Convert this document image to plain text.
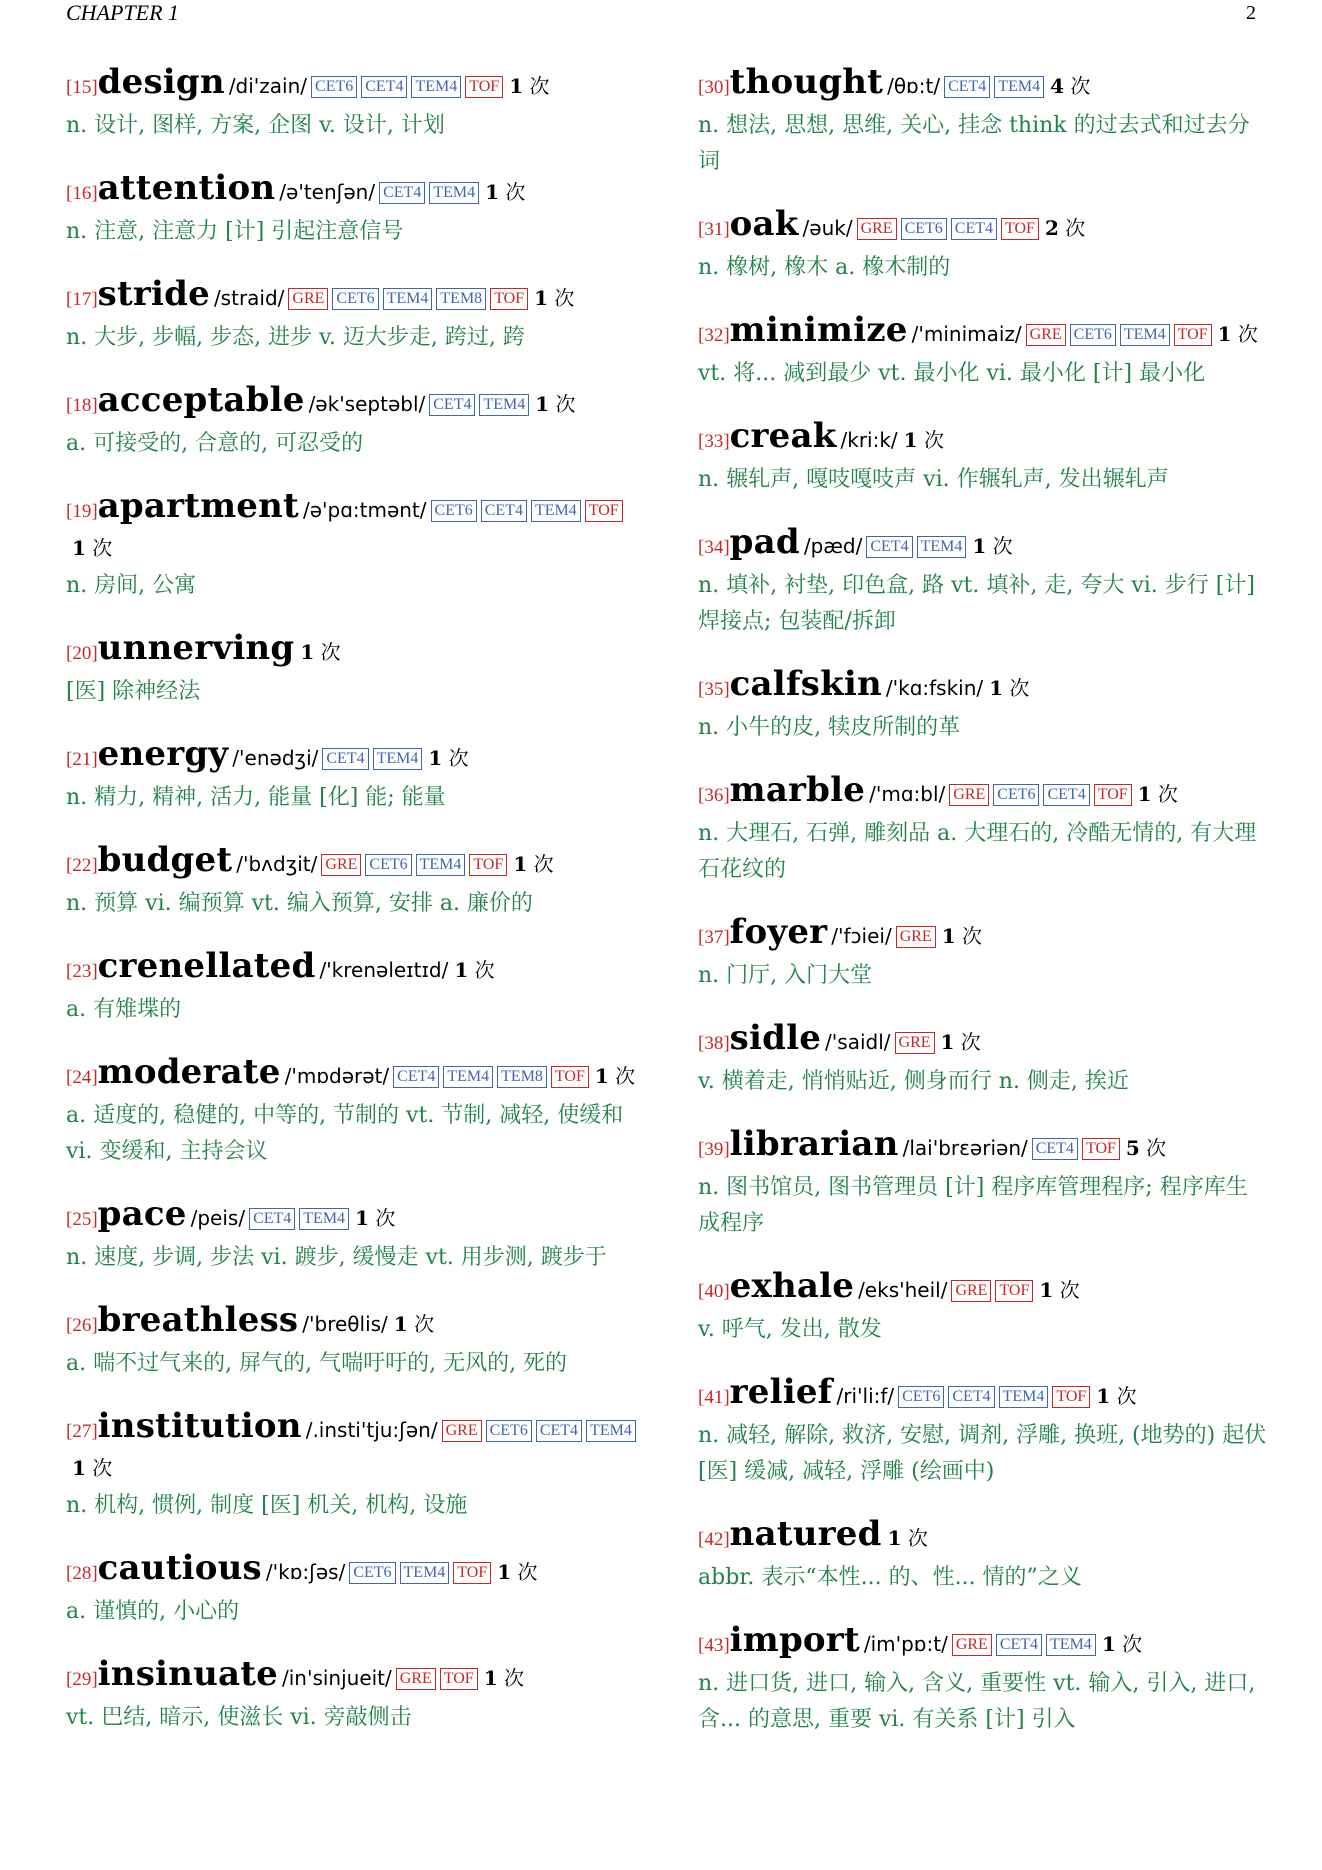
CHAPTER 1	2
[15]design /di'zain/ CET6 CET4 TEM4 TOF 1 次
n. 设计, 图样, 方案, 企图 v. 设计, 计划
[16]attention /ə'tenʃən/ CET4 TEM4 1 次
n. 注意, 注意力 [计] 引起注意信号
[17]stride /straid/ GRE CET6 TEM4 TEM8 TOF 1 次
n. 大步, 步幅, 步态, 进步 v. 迈大步走, 跨过, 跨
[18]acceptable /ək'septəbl/ CET4 TEM4 1 次
a. 可接受的, 合意的, 可忍受的
[19]apartment /ə'pɑ:tmənt/ CET6 CET4 TEM4 TOF1 次
n. 房间, 公寓
[20]unnerving 1 次
[医] 除神经法
[21]energy /'enədʒi/ CET4 TEM4 1 次
n. 精力, 精神, 活力, 能量 [化] 能; 能量
[22]budget /'bʌdʒit/ GRE CET6 TEM4 TOF 1 次
n. 预算 vi. 编预算 vt. 编入预算, 安排 a. 廉价的
[23]crenellated /'krenəleɪtɪd/ 1 次
a. 有雉堞的
[24]moderate /'mɒdərət/ CET4 TEM4 TEM8 TOF 1 次
a. 适度的, 稳健的, 中等的, 节制的 vt. 节制, 减轻, 使缓和 vi. 变缓和, 主持会议
[25]pace /peis/ CET4 TEM4 1 次
n. 速度, 步调, 步法 vi. 踱步, 缓慢走 vt. 用步测, 踱步于
[26]breathless /'breθlis/ 1 次
a. 喘不过气来的, 屏气的, 气喘吁吁的, 无风的, 死的
[27]institution /.insti'tju:ʃən/ GRE CET6 CET4 TEM41 次
n. 机构, 惯例, 制度 [医] 机关, 机构, 设施
[28]cautious /'kɒ:ʃəs/ CET6 TEM4 TOF 1 次
a. 谨慎的, 小心的
[29]insinuate /in'sinjueit/ GRE TOF 1 次
vt. 巴结, 暗示, 使滋长 vi. 旁敲侧击
[30]thought /θɒ:t/ CET4 TEM4 4 次
n. 想法, 思想, 思维, 关心, 挂念 think 的过去式和过去分词
[31]oak /əuk/ GRE CET6 CET4 TOF 2 次
n. 橡树, 橡木 a. 橡木制的
[32]minimize /'minimaiz/ GRE CET6 TEM4 TOF 1 次
vt. 将... 减到最少 vt. 最小化 vi. 最小化 [计] 最小化
[33]creak /kri:k/ 1 次
n. 辗轧声, 嘎吱嘎吱声 vi. 作辗轧声, 发出辗轧声
[34]pad /pæd/ CET4 TEM4 1 次
n. 填补, 衬垫, 印色盒, 路 vt. 填补, 走, 夸大 vi. 步行 [计] 焊接点; 包装配/拆卸
[35]calfskin /'kɑ:fskin/ 1 次
n. 小牛的皮, 犊皮所制的革
[36]marble /'mɑ:bl/ GRE CET6 CET4 TOF 1 次
n. 大理石, 石弹, 雕刻品 a. 大理石的, 冷酷无情的, 有大理石花纹的
[37]foyer /'fɔiei/ GRE 1 次
n. 门厅, 入门大堂
[38]sidle /'saidl/ GRE 1 次
v. 横着走, 悄悄贴近, 侧身而行 n. 侧走, 挨近
[39]librarian /lai'brɛəriən/ CET4 TOF 5 次
n. 图书馆员, 图书管理员 [计] 程序库管理程序; 程序库生成程序
[40]exhale /eks'heil/ GRE TOF 1 次
v. 呼气, 发出, 散发
[41]relief /ri'li:f/ CET6 CET4 TEM4 TOF 1 次
n. 减轻, 解除, 救济, 安慰, 调剂, 浮雕, 换班, (地势的) 起伏 [医] 缓减, 减轻, 浮雕 (绘画中)
[42]natured 1 次
abbr. 表示“本性... 的、性... 情的”之义
[43]import /im'pɒ:t/ GRE CET4 TEM4 1 次
n. 进口货, 进口, 输入, 含义, 重要性 vt. 输入, 引入, 进口, 含... 的意思, 重要 vi. 有关系 [计] 引入
